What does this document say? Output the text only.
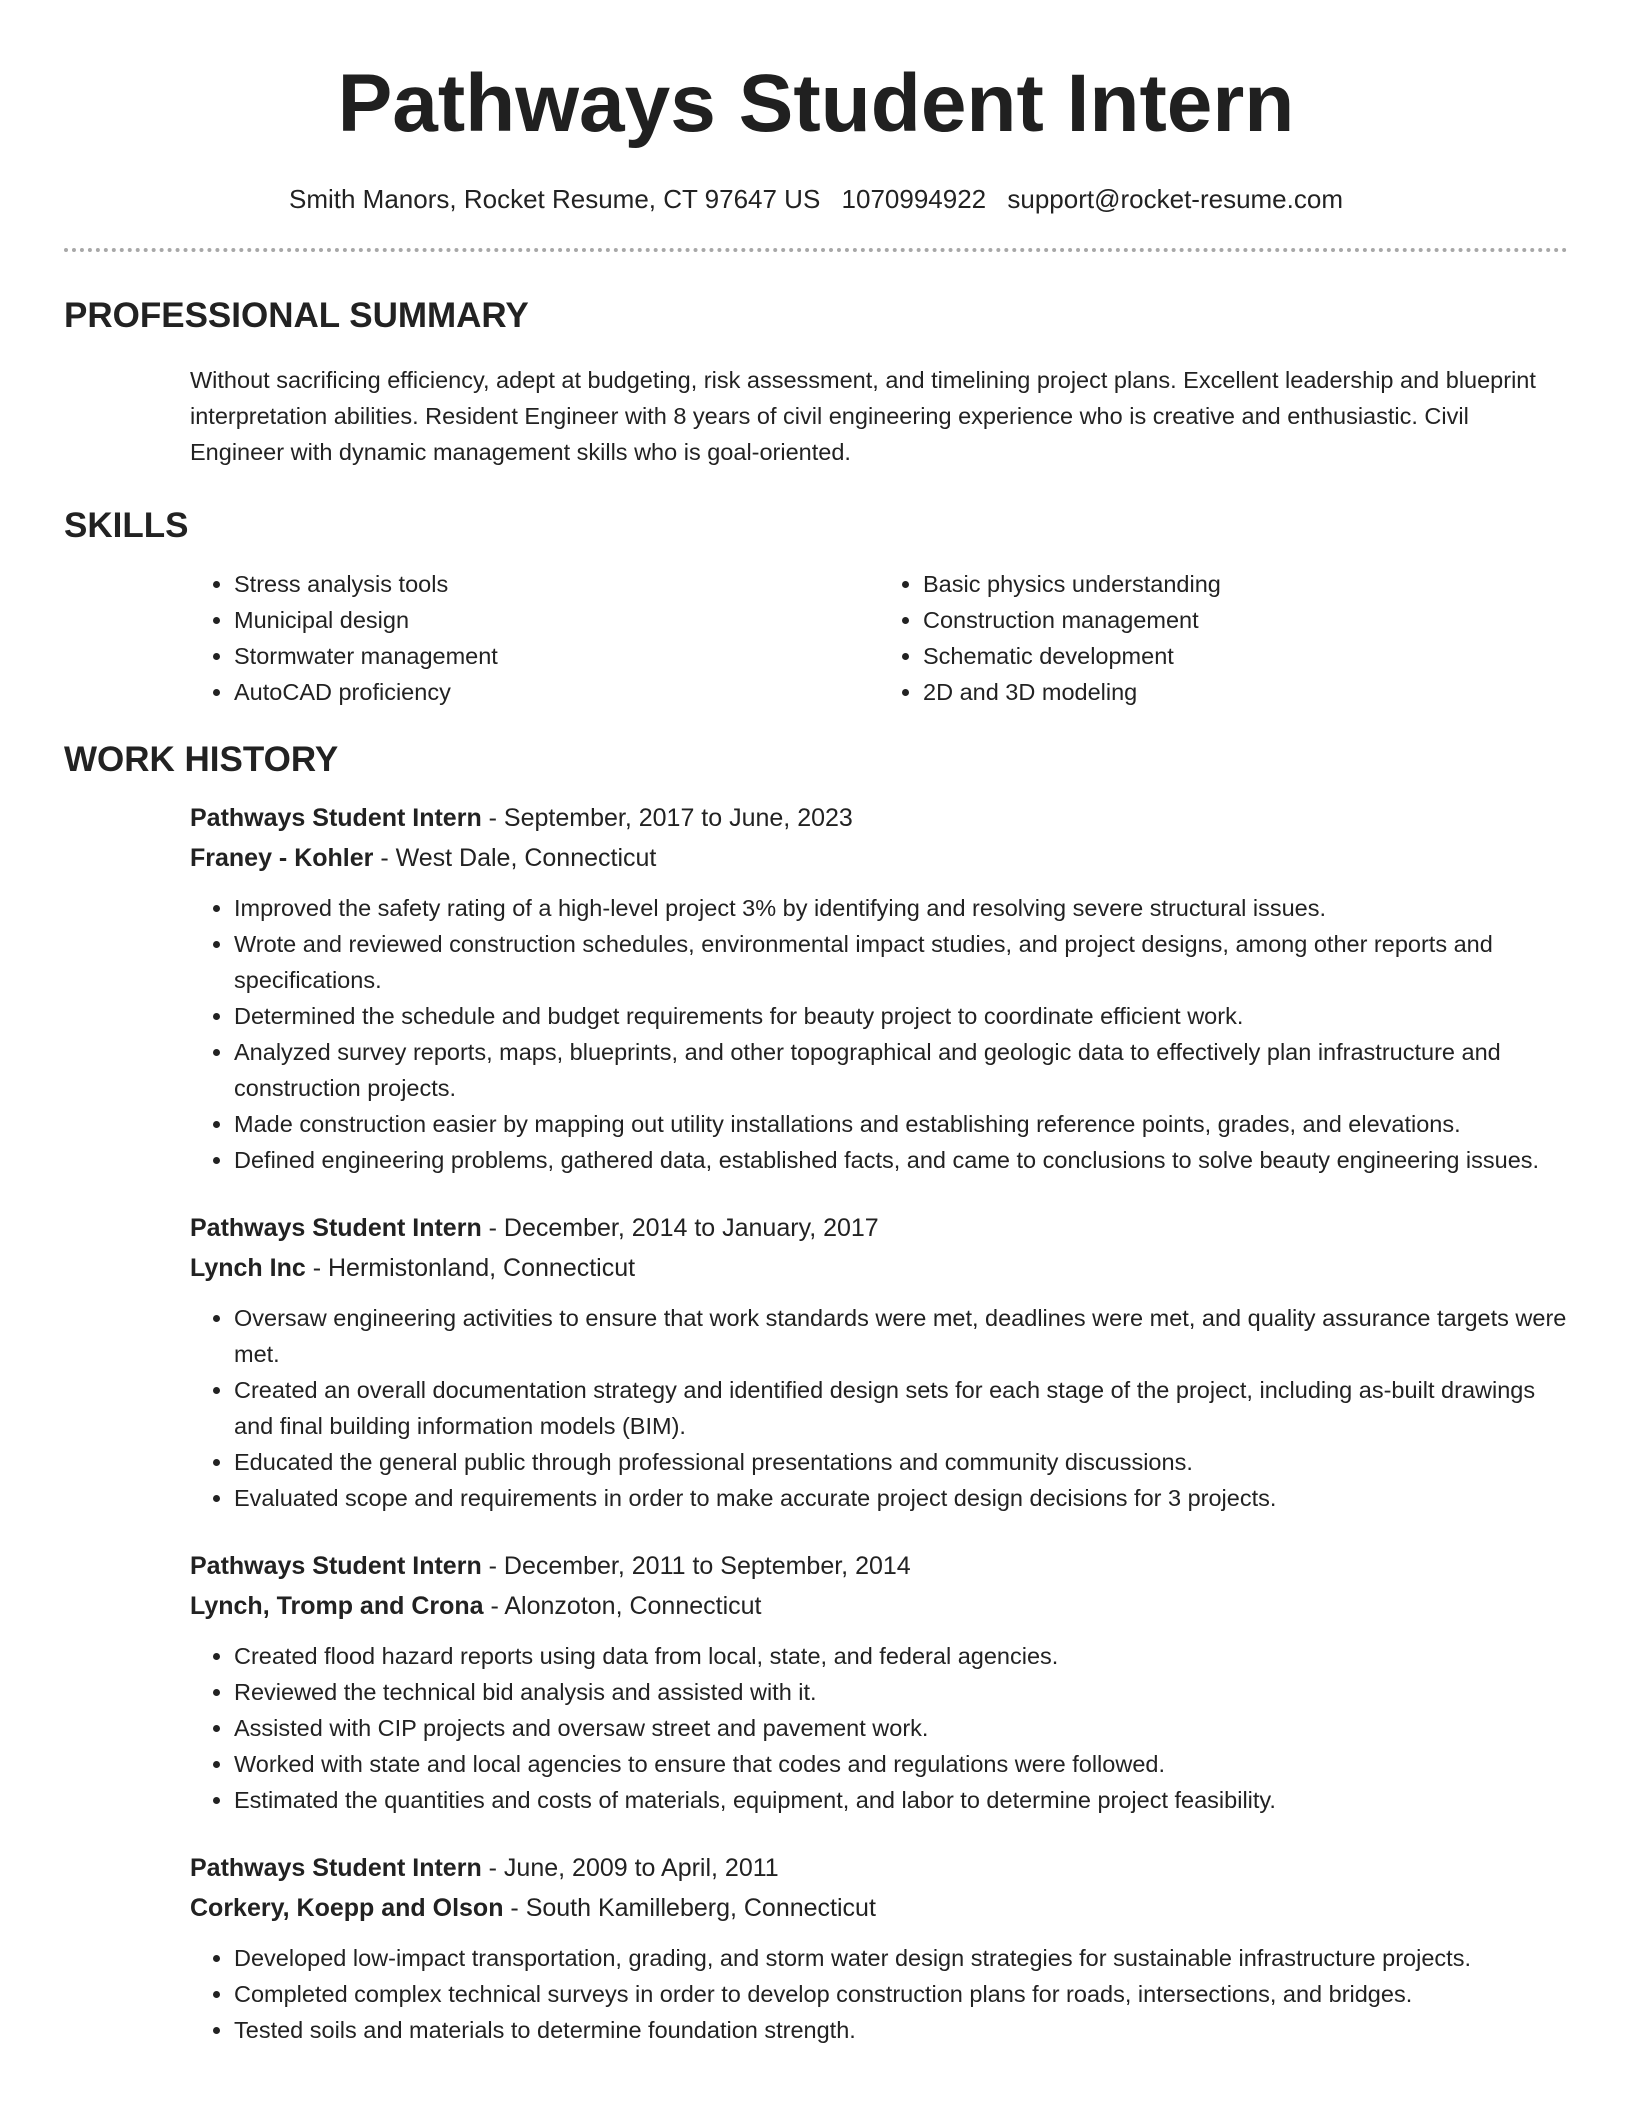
Pathways Student Intern
Smith Manors, Rocket Resume, CT 97647 US 1070994922 support@rocket-resume.com
PROFESSIONAL SUMMARY

Without sacrificing efficiency, adept at budgeting, risk assessment, and timelining project plans. Excellent leadership and blueprint interpretation abilities. Resident Engineer with 8 years of civil engineering experience who is creative and enthusiastic. Civil Engineer with dynamic management skills who is goal-oriented.

SKILLS
• Stress analysis tools
• Municipal design
• Stormwater management
• AutoCAD proficiency
• Basic physics understanding
• Construction management
• Schematic development
• 2D and 3D modeling
WORK HISTORY
Pathways Student Intern - September, 2017 to June, 2023
Franey - Kohler - West Dale, Connecticut
• Improved the safety rating of a high-level project 3% by identifying and resolving severe structural issues.
• Wrote and reviewed construction schedules, environmental impact studies, and project designs, among other reports and specifications.
• Determined the schedule and budget requirements for beauty project to coordinate efficient work.
• Analyzed survey reports, maps, blueprints, and other topographical and geologic data to effectively plan infrastructure and construction projects.
• Made construction easier by mapping out utility installations and establishing reference points, grades, and elevations.
• Defined engineering problems, gathered data, established facts, and came to conclusions to solve beauty engineering issues.
Pathways Student Intern - December, 2014 to January, 2017
Lynch Inc - Hermistonland, Connecticut
• Oversaw engineering activities to ensure that work standards were met, deadlines were met, and quality assurance targets were met.
• Created an overall documentation strategy and identified design sets for each stage of the project, including as-built drawings and final building information models (BIM).
• Educated the general public through professional presentations and community discussions.
• Evaluated scope and requirements in order to make accurate project design decisions for 3 projects.
Pathways Student Intern - December, 2011 to September, 2014
Lynch, Tromp and Crona - Alonzoton, Connecticut
• Created flood hazard reports using data from local, state, and federal agencies.
• Reviewed the technical bid analysis and assisted with it.
• Assisted with CIP projects and oversaw street and pavement work.
• Worked with state and local agencies to ensure that codes and regulations were followed.
• Estimated the quantities and costs of materials, equipment, and labor to determine project feasibility.
Pathways Student Intern - June, 2009 to April, 2011
Corkery, Koepp and Olson - South Kamilleberg, Connecticut
• Developed low-impact transportation, grading, and storm water design strategies for sustainable infrastructure projects.
• Completed complex technical surveys in order to develop construction plans for roads, intersections, and bridges.
• Tested soils and materials to determine foundation strength.
